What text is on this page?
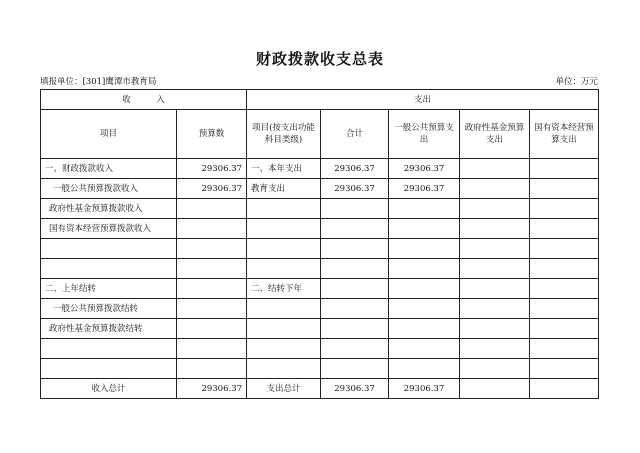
财政拨款收支总表
填报单位：[301]鹰潭市教育局	单位：万元
收　　　入		支出				
项目	预算数	项目(按支出功能科目类级)	合计	一般公共预算支出	政府性基金预算支出	国有资本经营预算支出
一、财政拨款收入	29306.37	一、本年支出	29306.37	29306.37		
一般公共预算拨款收入	29306.37	教育支出	29306.37	29306.37		
政府性基金预算拨款收入						
国有资本经营预算拨款收入						

二、上年结转		二、结转下年				
一般公共预算拨款结转						
政府性基金预算拨款结转						

收入总计	29306.37	支出总计	29306.37	29306.37		
